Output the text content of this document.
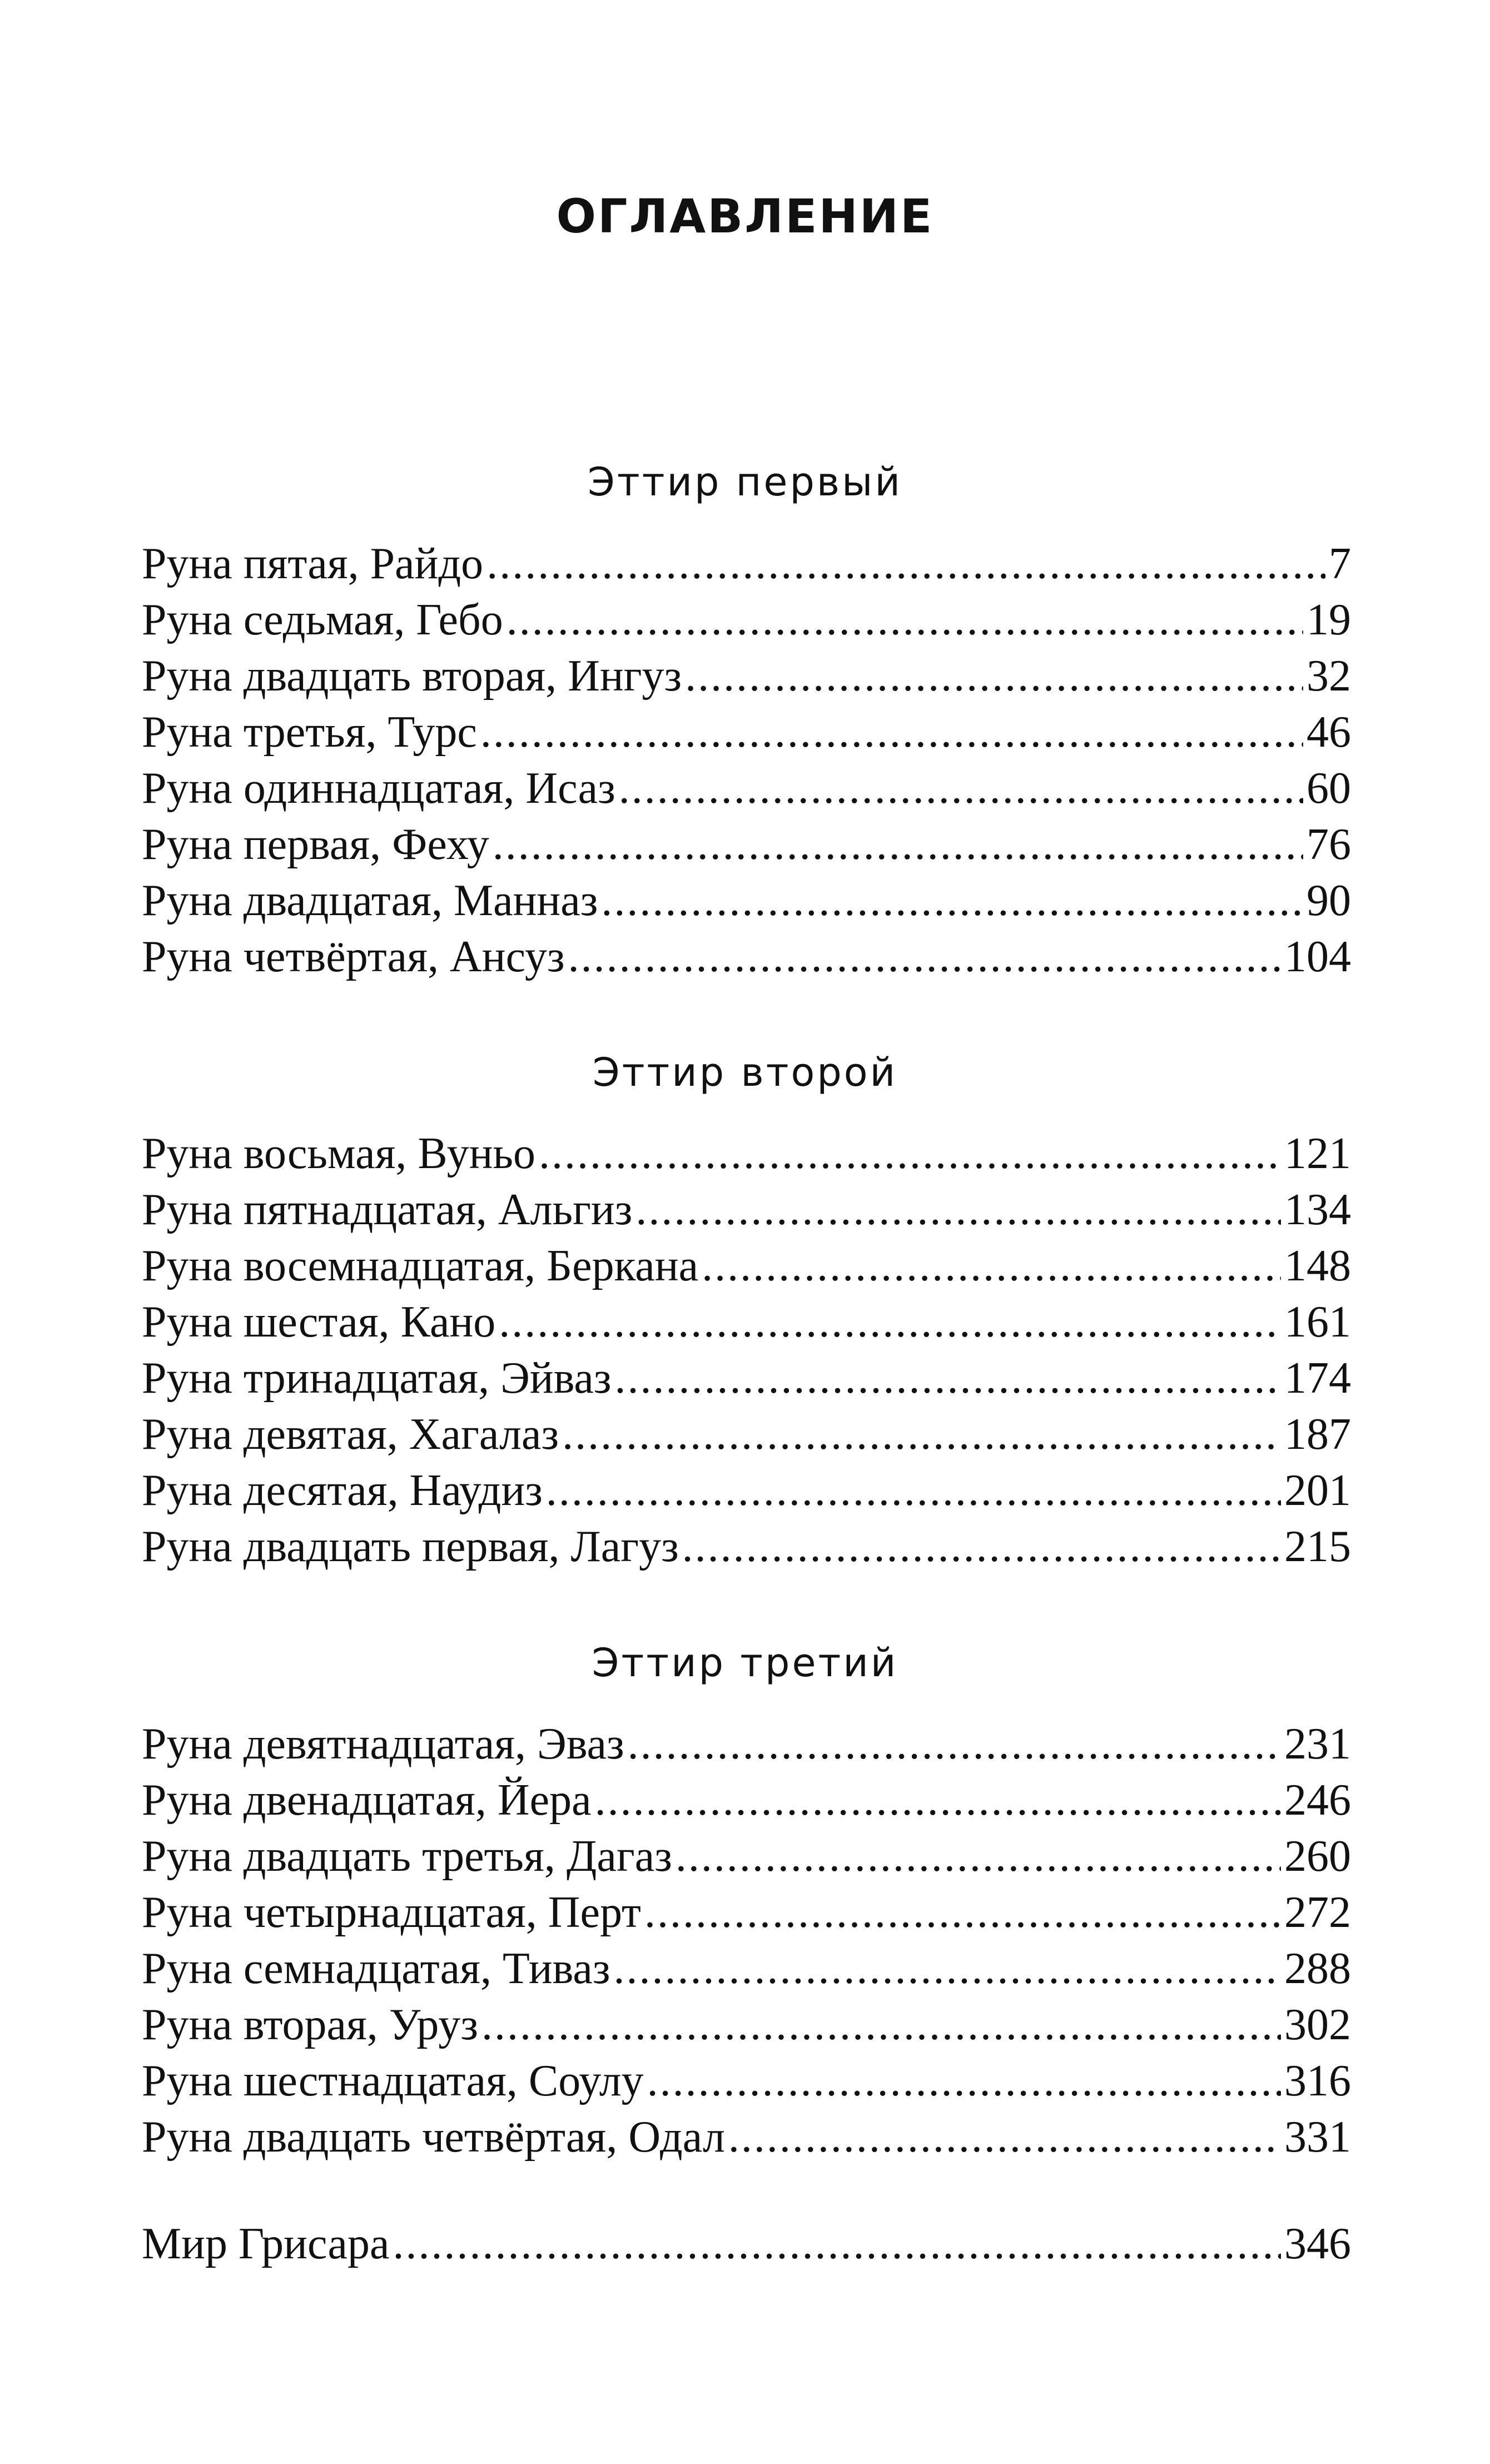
ОГЛАВЛЕНИЕ
Эттир первый
Руна пятая, Райдо .....	7
Руна седьмая, Гебо .....	19
Руна двадцать вторая, Ингуз .....	32
Руна третья, Турс .....	46
Руна одиннадцатая, Исаз .....	60
Руна первая, Феху .....	76
Руна двадцатая, Манназ .....	90
Руна четвёртая, Ансуз .....	104
Эттир второй
Руна восьмая, Вуньо .....	121
Руна пятнадцатая, Альгиз .....	134
Руна восемнадцатая, Беркана .....	148
Руна шестая, Кано .....	161
Руна тринадцатая, Эйваз .....	174
Руна девятая, Хагалаз .....	187
Руна десятая, Наудиз .....	201
Руна двадцать первая, Лагуз .....	215
Эттир третий
Руна девятнадцатая, Эваз .....	231
Руна двенадцатая, Йера .....	246
Руна двадцать третья, Дагаз .....	260
Руна четырнадцатая, Перт .....	272
Руна семнадцатая, Тиваз .....	288
Руна вторая, Уруз .....	302
Руна шестнадцатая, Соулу .....	316
Руна двадцать четвёртая, Одал .....	331
Мир Грисара .....	346
